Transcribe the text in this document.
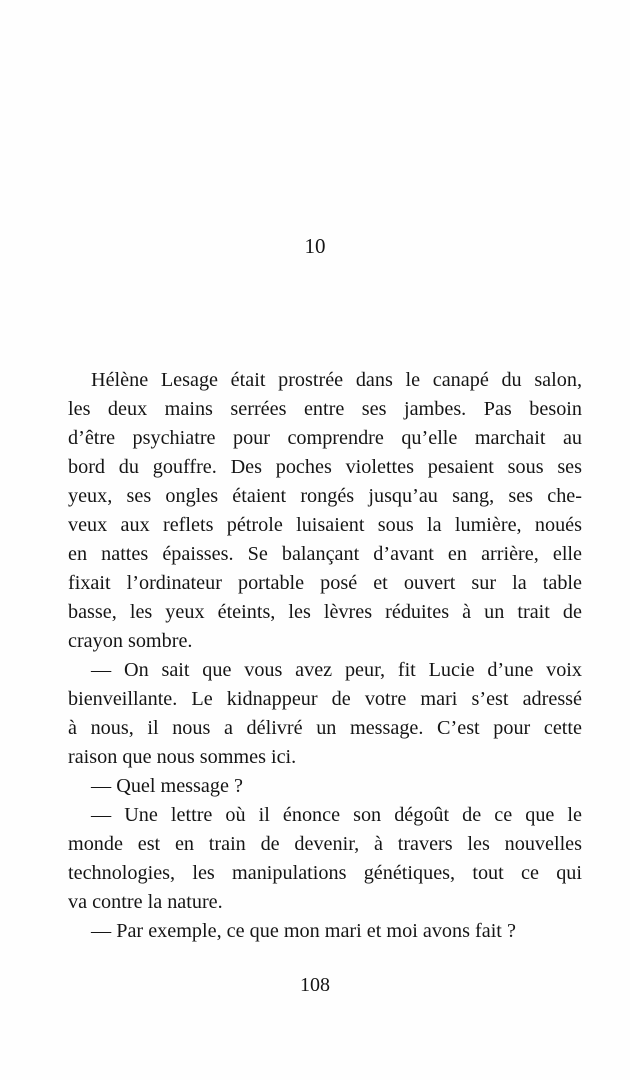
10
Hélène Lesage était prostrée dans le canapé du salon,
les deux mains serrées entre ses jambes. Pas besoin
d’être psychiatre pour comprendre qu’elle marchait au
bord du gouffre. Des poches violettes pesaient sous ses
yeux, ses ongles étaient rongés jusqu’au sang, ses che-
veux aux reflets pétrole luisaient sous la lumière, noués
en nattes épaisses. Se balançant d’avant en arrière, elle
fixait l’ordinateur portable posé et ouvert sur la table
basse, les yeux éteints, les lèvres réduites à un trait de
crayon sombre.
— On sait que vous avez peur, fit Lucie d’une voix
bienveillante. Le kidnappeur de votre mari s’est adressé
à nous, il nous a délivré un message. C’est pour cette
raison que nous sommes ici.
— Quel message ?
— Une lettre où il énonce son dégoût de ce que le
monde est en train de devenir, à travers les nouvelles
technologies, les manipulations génétiques, tout ce qui
va contre la nature.
— Par exemple, ce que mon mari et moi avons fait ?
108
